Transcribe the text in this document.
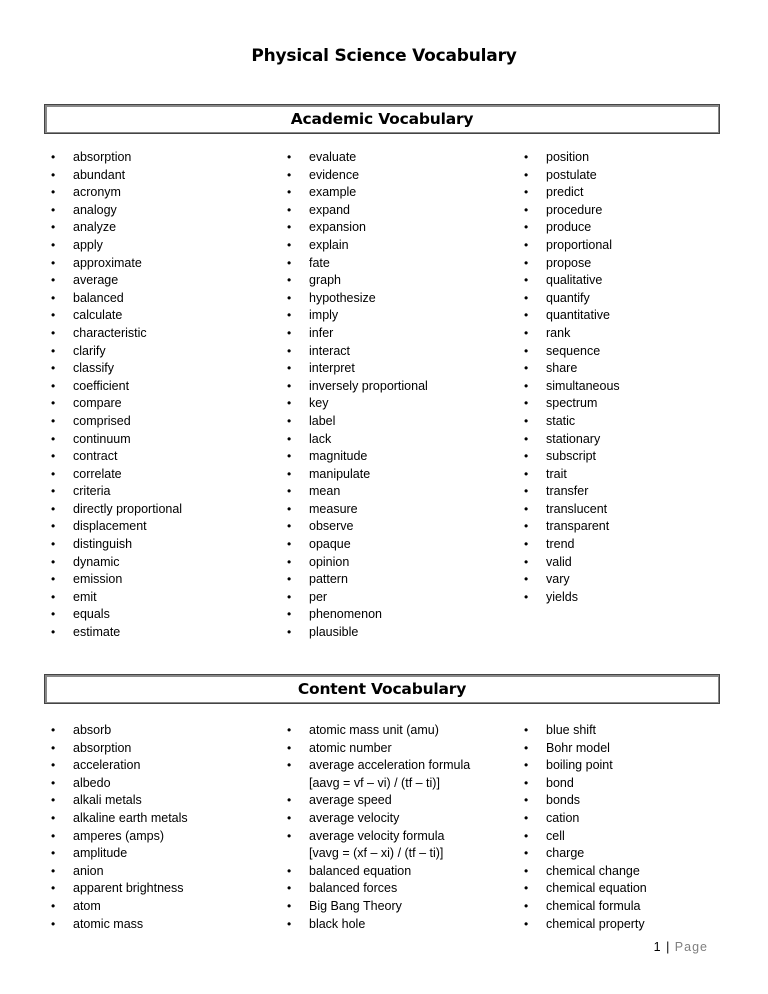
Physical Science Vocabulary
Academic Vocabulary
• absorption
• abundant
• acronym
• analogy
• analyze
• apply
• approximate
• average
• balanced
• calculate
• characteristic
• clarify
• classify
• coefficient
• compare
• comprised
• continuum
• contract
• correlate
• criteria
• directly proportional
• displacement
• distinguish
• dynamic
• emission
• emit
• equals
• estimate
• evaluate
• evidence
• example
• expand
• expansion
• explain
• fate
• graph
• hypothesize
• imply
• infer
• interact
• interpret
• inversely proportional
• key
• label
• lack
• magnitude
• manipulate
• mean
• measure
• observe
• opaque
• opinion
• pattern
• per
• phenomenon
• plausible
• position
• postulate
• predict
• procedure
• produce
• proportional
• propose
• qualitative
• quantify
• quantitative
• rank
• sequence
• share
• simultaneous
• spectrum
• static
• stationary
• subscript
• trait
• transfer
• translucent
• transparent
• trend
• valid
• vary
• yields
Content Vocabulary
• absorb
• absorption
• acceleration
• albedo
• alkali metals
• alkaline earth metals
• amperes (amps)
• amplitude
• anion
• apparent brightness
• atom
• atomic mass
• atomic mass unit (amu)
• atomic number
• average acceleration formula [aavg = vf – vi) / (tf – ti)]
• average speed
• average velocity
• average velocity formula [vavg = (xf – xi) / (tf – ti)]
• balanced equation
• balanced forces
• Big Bang Theory
• black hole
• blue shift
• Bohr model
• boiling point
• bond
• bonds
• cation
• cell
• charge
• chemical change
• chemical equation
• chemical formula
• chemical property
1 | Page
